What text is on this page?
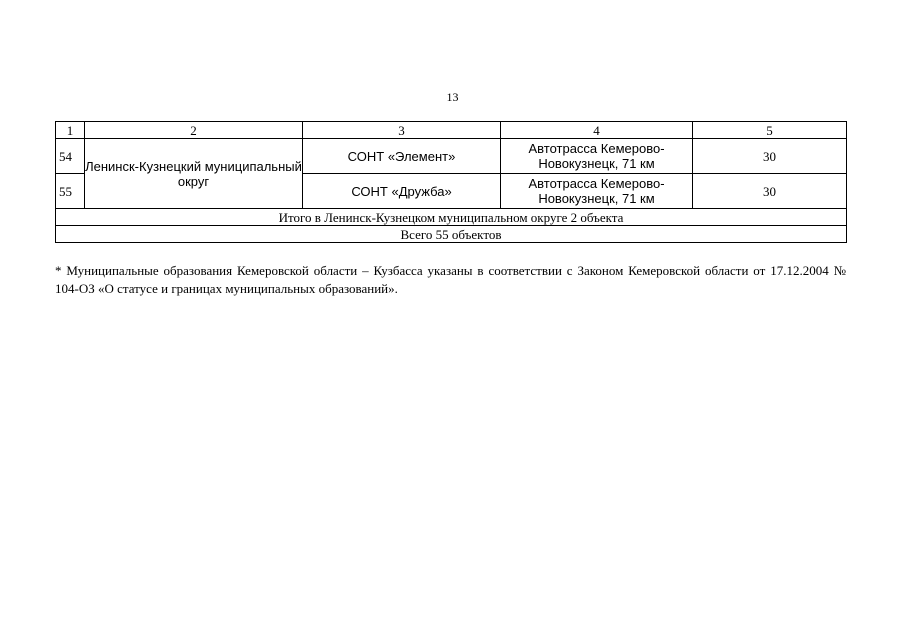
13
1	2	3	4	5
54	Ленинск-Кузнецкий муниципальный округ	СОНТ «Элемент»	Автотрасса Кемерово-Новокузнецк, 71 км	30
55		СОНТ «Дружба»	Автотрасса Кемерово-Новокузнецк, 71 км	30
Итого в Ленинск-Кузнецком муниципальном округе 2 объекта				
Всего 55 объектов				
* Муниципальные образования Кемеровской области – Кузбасса указаны в соответствии с Законом Кемеровской области от 17.12.2004 № 104-ОЗ «О статусе и границах муниципальных образований».
